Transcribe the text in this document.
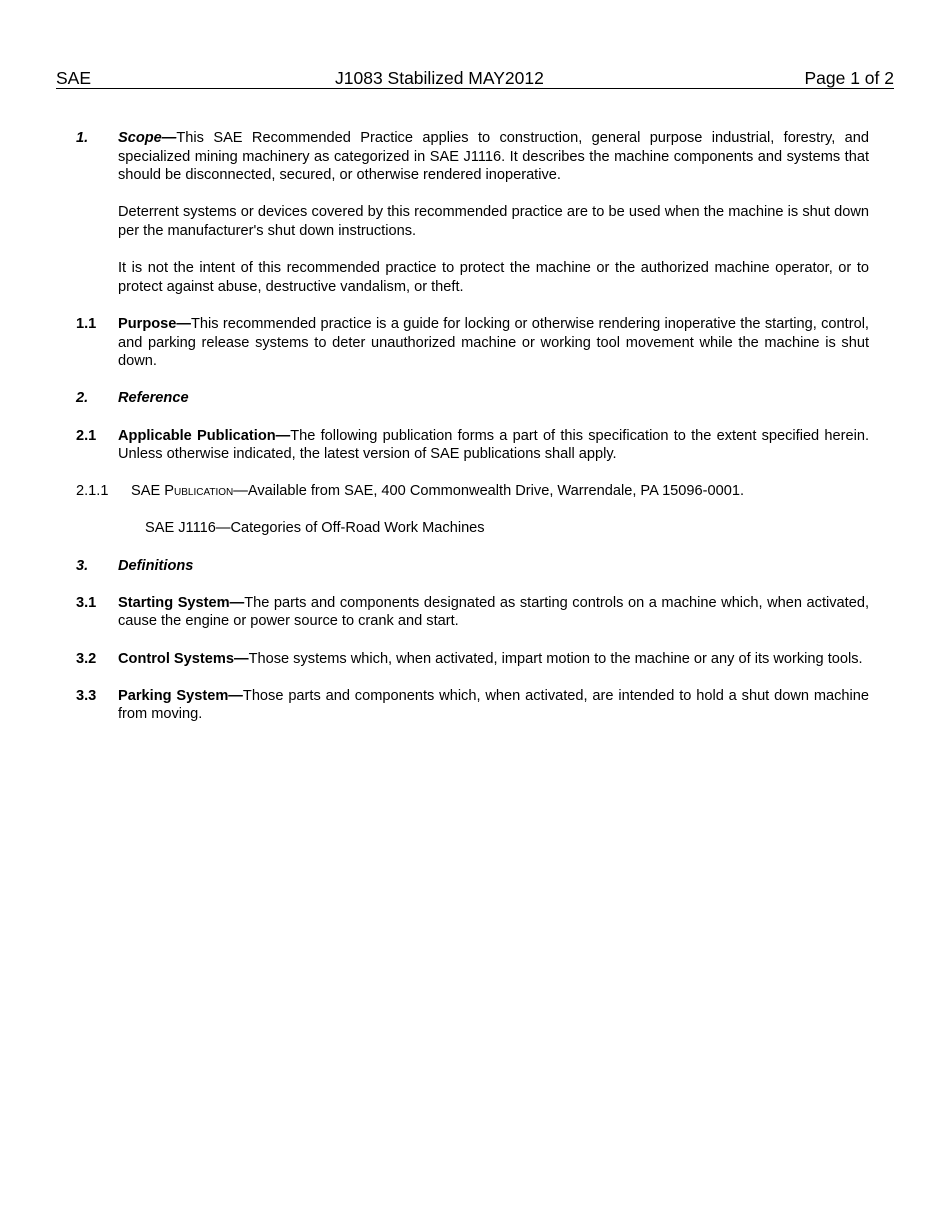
SAE	J1083 Stabilized MAY2012	Page 1 of 2
1.	Scope—This SAE Recommended Practice applies to construction, general purpose industrial, forestry, and specialized mining machinery as categorized in SAE J1116. It describes the machine components and systems that should be disconnected, secured, or otherwise rendered inoperative.
Deterrent systems or devices covered by this recommended practice are to be used when the machine is shut down per the manufacturer's shut down instructions.
It is not the intent of this recommended practice to protect the machine or the authorized machine operator, or to protect against abuse, destructive vandalism, or theft.
1.1	Purpose—This recommended practice is a guide for locking or otherwise rendering inoperative the starting, control, and parking release systems to deter unauthorized machine or working tool movement while the machine is shut down.
2.	Reference
2.1	Applicable Publication—The following publication forms a part of this specification to the extent specified herein. Unless otherwise indicated, the latest version of SAE publications shall apply.
2.1.1	SAE Publication—Available from SAE, 400 Commonwealth Drive, Warrendale, PA 15096-0001.
SAE J1116—Categories of Off-Road Work Machines
3.	Definitions
3.1	Starting System—The parts and components designated as starting controls on a machine which, when activated, cause the engine or power source to crank and start.
3.2	Control Systems—Those systems which, when activated, impart motion to the machine or any of its working tools.
3.3	Parking System—Those parts and components which, when activated, are intended to hold a shut down machine from moving.
